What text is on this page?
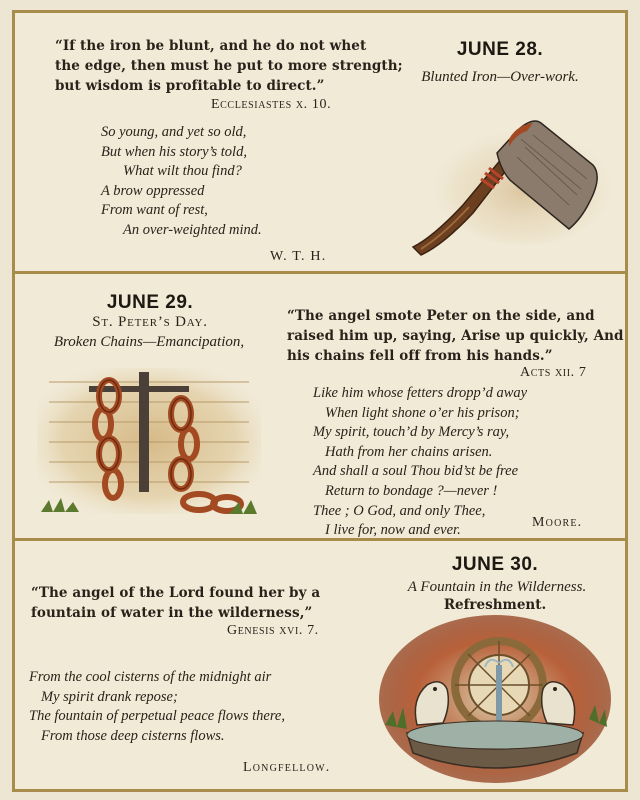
“If the iron be blunt, and he do not whet
the edge, then must he put to more strength;
but wisdom is profitable to direct.”
Ecclesiastes x. 10.
So young, and yet so old,
But when his story’s told,
What wilt thou find?
A brow oppressed
From want of rest,
An over-weighted mind.
W. T. H.
JUNE 28.
Blunted Iron—Over-work.
JUNE 29.
St. Peter’s Day.
Broken Chains—Emancipation,
“The angel smote Peter on the side, and
raised him up, saying, Arise up quickly, And
his chains fell off from his hands.”
Acts xii. 7
Like him whose fetters dropp’d away
When light shone o’er his prison;
My spirit, touch’d by Mercy’s ray,
Hath from her chains arisen.
And shall a soul Thou bid’st be free
Return to bondage ?—never !
Thee ; O God, and only Thee,
I live for, now and ever.	Moore.
“The angel of the Lord found her by a
fountain of water in the wilderness,”
Genesis xvi. 7.
From the cool cisterns of the midnight air
My spirit drank repose;
The fountain of perpetual peace flows there,
From those deep cisterns flows.
Longfellow.
JUNE 30.
A Fountain in the Wilderness.
Refreshment.
